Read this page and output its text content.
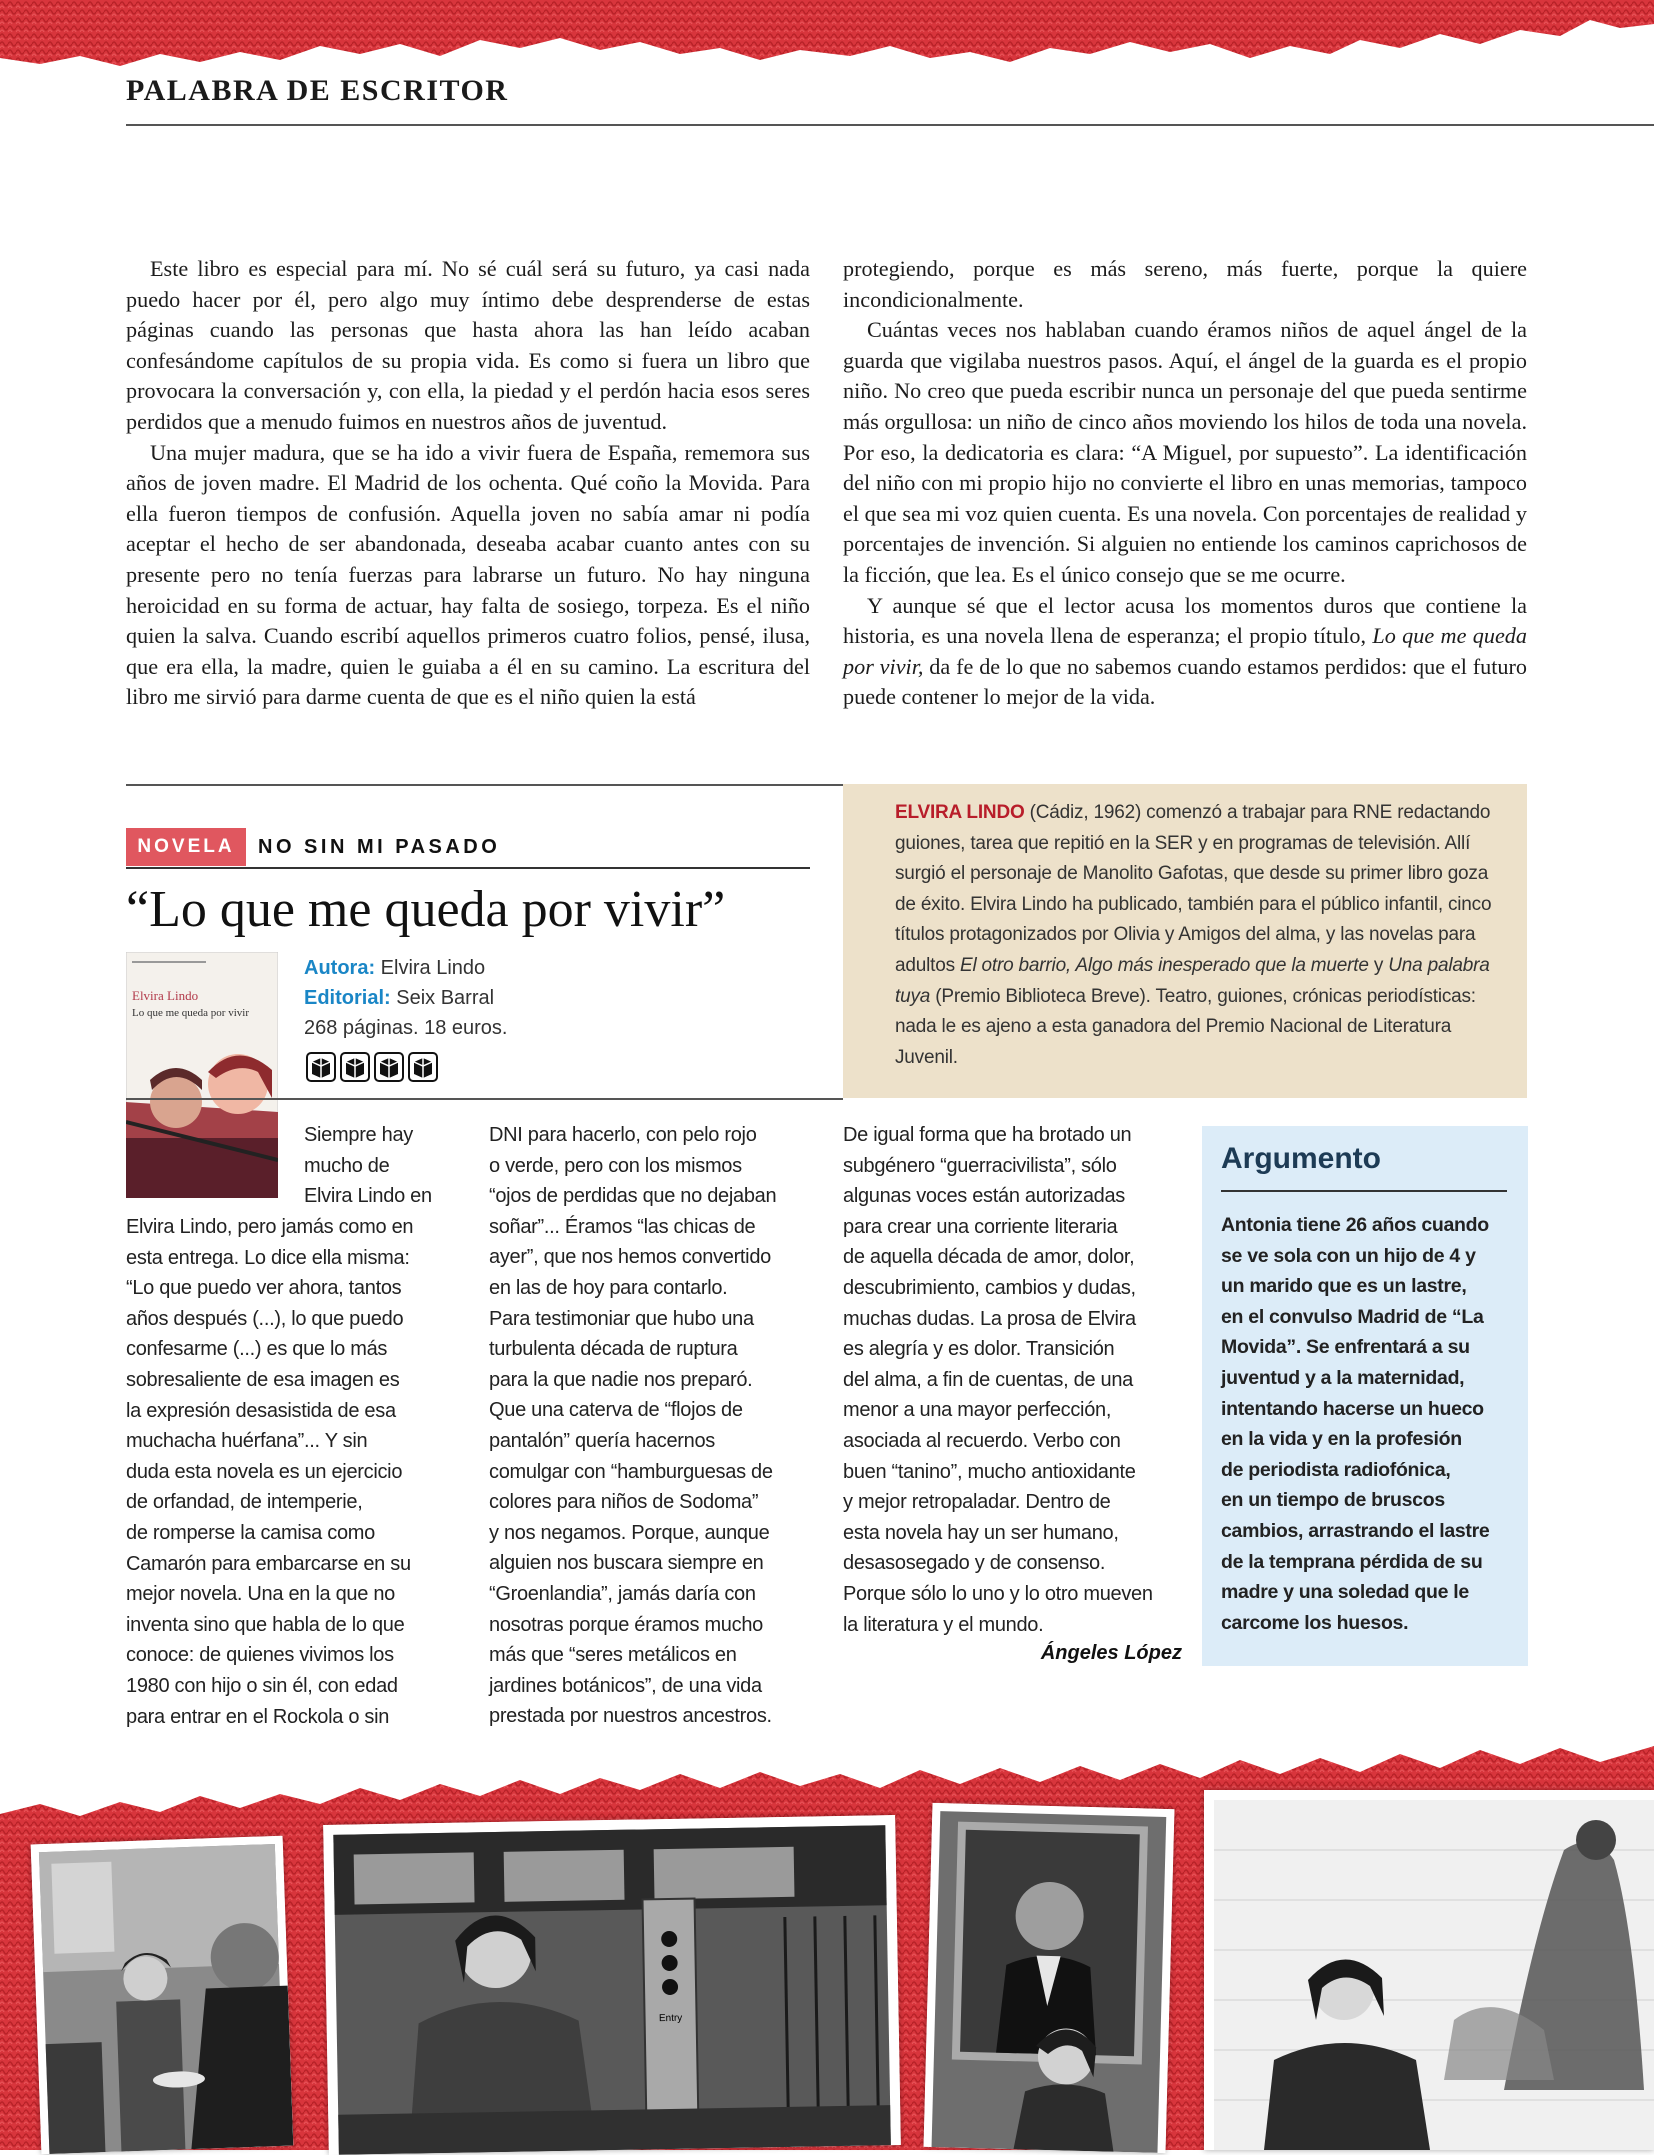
PALABRA DE ESCRITOR

Este libro es especial para mí. No sé cuál será su futuro, ya casi nada puedo hacer por él, pero algo muy íntimo debe desprenderse de estas páginas cuando las personas que hasta ahora las han leído acaban confesándome capítulos de su propia vida. Es como si fuera un libro que provocara la conversación y, con ella, la piedad y el perdón hacia esos seres perdidos que a menudo fuimos en nuestros años de juventud.

Una mujer madura, que se ha ido a vivir fuera de España, rememora sus años de joven madre. El Madrid de los ochenta. Qué coño la Movida. Para ella fueron tiempos de confusión. Aquella joven no sabía amar ni podía aceptar el hecho de ser abandonada, deseaba acabar cuanto antes con su presente pero no tenía fuerzas para labrarse un futuro. No hay ninguna heroicidad en su forma de actuar, hay falta de sosiego, torpeza. Es el niño quien la salva. Cuando escribí aquellos primeros cuatro folios, pensé, ilusa, que era ella, la madre, quien le guiaba a él en su camino. La escritura del libro me sirvió para darme cuenta de que es el niño quien la está

protegiendo, porque es más sereno, más fuerte, porque la quiere incondicionalmente.

Cuántas veces nos hablaban cuando éramos niños de aquel ángel de la guarda que vigilaba nuestros pasos. Aquí, el ángel de la guarda es el propio niño. No creo que pueda escribir nunca un personaje del que pueda sentirme más orgullosa: un niño de cinco años moviendo los hilos de toda una novela. Por eso, la dedicatoria es clara: “A Miguel, por supuesto”. La identificación del niño con mi propio hijo no convierte el libro en unas memorias, tampoco el que sea mi voz quien cuenta. Es una novela. Con porcentajes de realidad y porcentajes de invención. Si alguien no entiende los caminos caprichosos de la ficción, que lea. Es el único consejo que se me ocurre.

Y aunque sé que el lector acusa los momentos duros que contiene la historia, es una novela llena de esperanza; el propio título, Lo que me queda por vivir, da fe de lo que no sabemos cuando estamos perdidos: que el futuro puede contener lo mejor de la vida.

NOVELA	NO SIN MI PASADO
“Lo que me queda por vivir”
Elvira Lindo
Lo que me queda por vivir
Autora: Elvira Lindo
Editorial: Seix Barral
268 páginas. 18 euros.
Siempre hay
mucho de
Elvira Lindo en
Elvira Lindo, pero jamás como en
esta entrega. Lo dice ella misma:
“Lo que puedo ver ahora, tantos
años después (...), lo que puedo
confesarme (...) es que lo más
sobresaliente de esa imagen es
la expresión desasistida de esa
muchacha huérfana”... Y sin
duda esta novela es un ejercicio
de orfandad, de intemperie,
de romperse la camisa como
Camarón para embarcarse en su
mejor novela. Una en la que no
inventa sino que habla de lo que
conoce: de quienes vivimos los
1980 con hijo o sin él, con edad
para entrar en el Rockola o sin
DNI para hacerlo, con pelo rojo
o verde, pero con los mismos
“ojos de perdidas que no dejaban
soñar”... Éramos “las chicas de
ayer”, que nos hemos convertido
en las de hoy para contarlo.
Para testimoniar que hubo una
turbulenta década de ruptura
para la que nadie nos preparó.
Que una caterva de “flojos de
pantalón” quería hacernos
comulgar con “hamburguesas de
colores para niños de Sodoma”
y nos negamos. Porque, aunque
alguien nos buscara siempre en
“Groenlandia”, jamás daría con
nosotras porque éramos mucho
más que “seres metálicos en
jardines botánicos”, de una vida
prestada por nuestros ancestros.
De igual forma que ha brotado un
subgénero “guerracivilista”, sólo
algunas voces están autorizadas
para crear una corriente literaria
de aquella década de amor, dolor,
descubrimiento, cambios y dudas,
muchas dudas. La prosa de Elvira
es alegría y es dolor. Transición
del alma, a fin de cuentas, de una
menor a una mayor perfección,
asociada al recuerdo. Verbo con
buen “tanino”, mucho antioxidante
y mejor retropaladar. Dentro de
esta novela hay un ser humano,
desasosegado y de consenso.
Porque sólo lo uno y lo otro mueven
la literatura y el mundo.
Ángeles López
ELVIRA LINDO (Cádiz, 1962) comenzó a trabajar para RNE redactando guiones, tarea que repitió en la SER y en programas de televisión. Allí surgió el personaje de Manolito Gafotas, que desde su primer libro goza de éxito. Elvira Lindo ha publicado, también para el público infantil, cinco títulos protagonizados por Olivia y Amigos del alma, y las novelas para adultos El otro barrio, Algo más inesperado que la muerte y Una palabra tuya (Premio Biblioteca Breve). Teatro, guiones, crónicas periodísticas: nada le es ajeno a esta ganadora del Premio Nacional de Literatura Juvenil.
Argumento
Antonia tiene 26 años cuando
se ve sola con un hijo de 4 y
un marido que es un lastre,
en el convulso Madrid de “La
Movida”. Se enfrentará a su
juventud y a la maternidad,
intentando hacerse un hueco
en la vida y en la profesión
de periodista radiofónica,
en un tiempo de bruscos
cambios, arrastrando el lastre
de la temprana pérdida de su
madre y una soledad que le
carcome los huesos.
Entry
